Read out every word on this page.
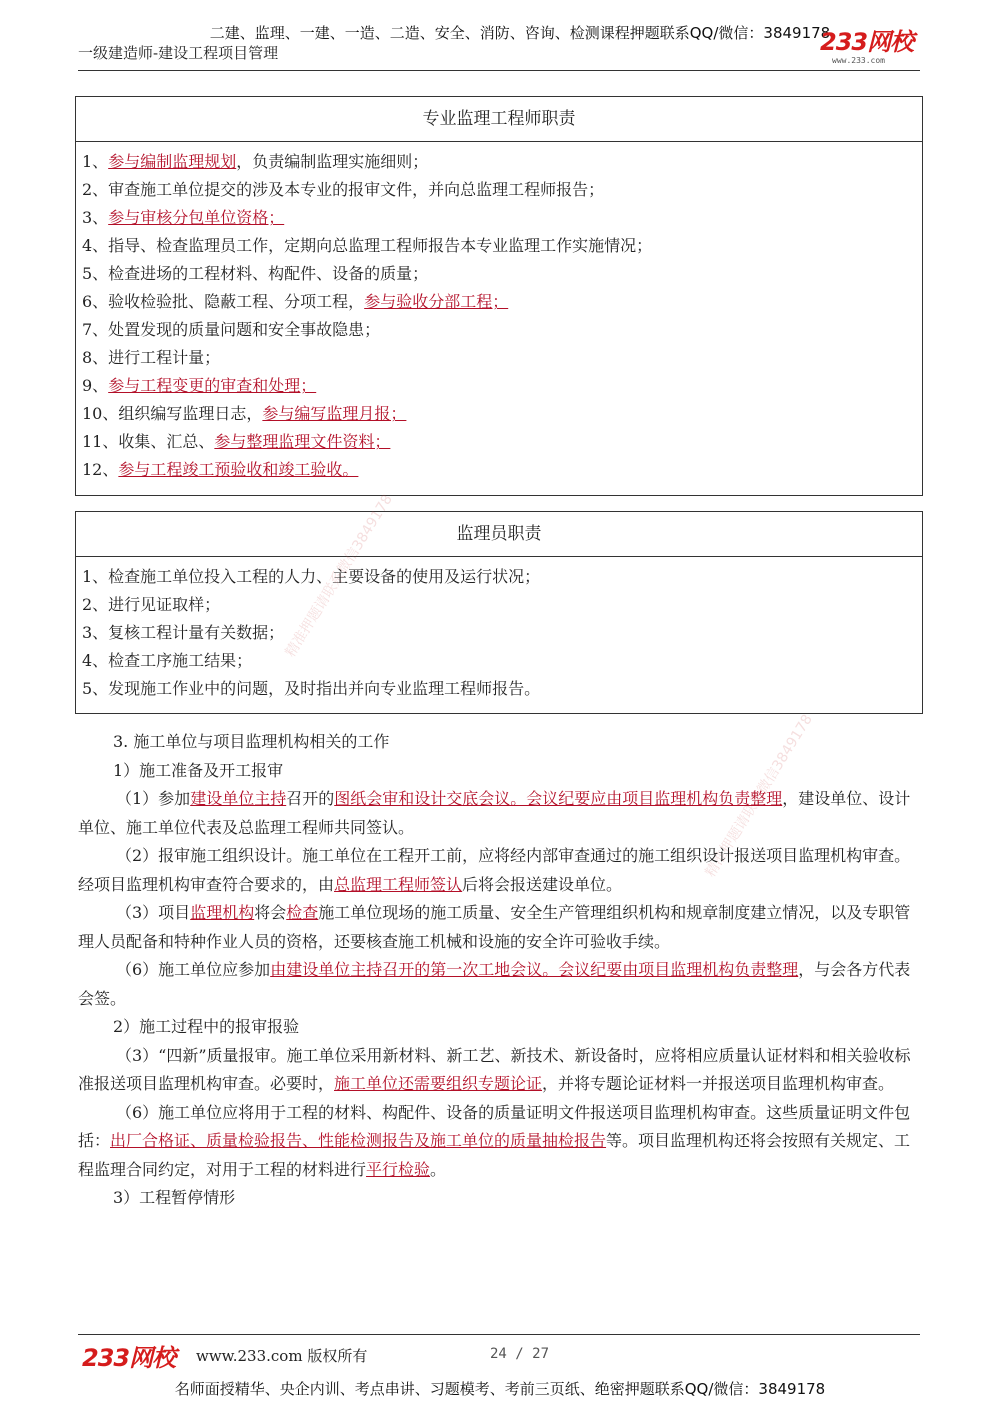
二建、监理、一建、一造、二造、安全、消防、咨询、检测课程押题联系QQ/微信：3849178
一级建造师-建设工程项目管理	233网校
www.233.com
专业监理工程师职责
1、参与编制监理规划，负责编制监理实施细则；
2、审查施工单位提交的涉及本专业的报审文件，并向总监理工程师报告；
3、参与审核分包单位资格；
4、指导、检查监理员工作，定期向总监理工程师报告本专业监理工作实施情况；
5、检查进场的工程材料、构配件、设备的质量；
6、验收检验批、隐蔽工程、分项工程，参与验收分部工程；
7、处置发现的质量问题和安全事故隐患；
8、进行工程计量；
9、参与工程变更的审查和处理；
10、组织编写监理日志，参与编写监理月报；
11、收集、汇总、参与整理监理文件资料；
12、参与工程竣工预验收和竣工验收。
监理员职责
1、检查施工单位投入工程的人力、主要设备的使用及运行状况；
2、进行见证取样；
3、复核工程计量有关数据；
4、检查工序施工结果；
5、发现施工作业中的问题，及时指出并向专业监理工程师报告。
精准押题请联系微信3849178
精准押题请联系微信3849178

3. 施工单位与项目监理机构相关的工作

1）施工准备及开工报审

（1）参加建设单位主持召开的图纸会审和设计交底会议。会议纪要应由项目监理机构负责整理，建设单位、设计单位、施工单位代表及总监理工程师共同签认。

（2）报审施工组织设计。施工单位在工程开工前，应将经内部审查通过的施工组织设计报送项目监理机构审查。经项目监理机构审查符合要求的，由总监理工程师签认后将会报送建设单位。

（3）项目监理机构将会检查施工单位现场的施工质量、安全生产管理组织机构和规章制度建立情况，以及专职管理人员配备和特种作业人员的资格，还要核查施工机械和设施的安全许可验收手续。

（6）施工单位应参加由建设单位主持召开的第一次工地会议。会议纪要由项目监理机构负责整理，与会各方代表会签。

2）施工过程中的报审报验

（3）“四新”质量报审。施工单位采用新材料、新工艺、新技术、新设备时，应将相应质量认证材料和相关验收标准报送项目监理机构审查。必要时，施工单位还需要组织专题论证，并将专题论证材料一并报送项目监理机构审查。

（6）施工单位应将用于工程的材料、构配件、设备的质量证明文件报送项目监理机构审查。这些质量证明文件包括：出厂合格证、质量检验报告、性能检测报告及施工单位的质量抽检报告等。项目监理机构还将会按照有关规定、工程监理合同约定，对用于工程的材料进行平行检验。

3）工程暂停情形

233网校 www.233.com 版权所有	24 / 27
名师面授精华、央企内训、考点串讲、习题模考、考前三页纸、绝密押题联系QQ/微信：3849178
